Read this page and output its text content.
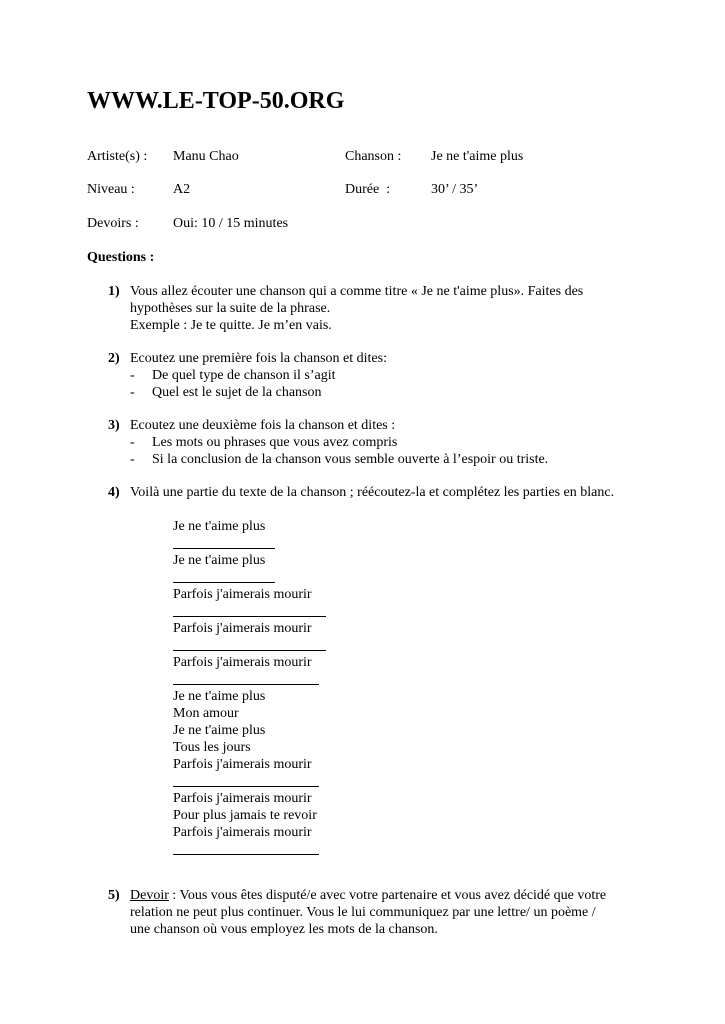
WWW.LE-TOP-50.ORG
Artiste(s) : Manu Chao	Chanson : Je ne t'aime plus
Niveau :	A2	Durée  :	30’ / 35’
Devoirs : Oui: 10 / 15 minutes
Questions :
1) Vous allez écouter une chanson qui a comme titre « Je ne t'aime plus». Faites des
hypothèses sur la suite de la phrase.
Exemple : Je te quitte. Je m’en vais.
2) Ecoutez une première fois la chanson et dites:
- De quel type de chanson il s’agit
- Quel est le sujet de la chanson
3) Ecoutez une deuxième fois la chanson et dites :
- Les mots ou phrases que vous avez compris
- Si la conclusion de la chanson vous semble ouverte à l’espoir ou triste.
4) Voilà une partie du texte de la chanson ; réécoutez-la et complétez les parties en blanc.
Je ne t'aime plus
Je ne t'aime plus
Parfois j'aimerais mourir
Parfois j'aimerais mourir
Parfois j'aimerais mourir
Je ne t'aime plus
Mon amour
Je ne t'aime plus
Tous les jours
Parfois j'aimerais mourir
Parfois j'aimerais mourir
Pour plus jamais te revoir
Parfois j'aimerais mourir
5) Devoir : Vous vous êtes disputé/e avec votre partenaire et vous avez décidé que votre
relation ne peut plus continuer. Vous le lui communiquez par une lettre/ un poème /
une chanson où vous employez les mots de la chanson.
